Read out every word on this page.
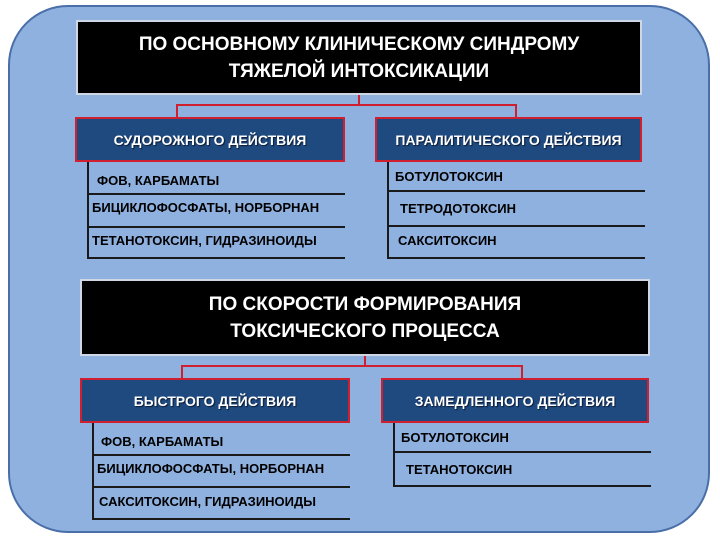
ПО ОСНОВНОМУ КЛИНИЧЕСКОМУ СИНДРОМУ
ТЯЖЕЛОЙ ИНТОКСИКАЦИИ
СУДОРОЖНОГО ДЕЙСТВИЯ	ПАРАЛИТИЧЕСКОГО ДЕЙСТВИЯ
ФОВ, КАРБАМАТЫ
БИЦИКЛОФОСФАТЫ, НОРБОРНАН
ТЕТАНОТОКСИН, ГИДРАЗИНОИДЫ
БОТУЛОТОКСИН
ТЕТРОДОТОКСИН
САКСИТОКСИН
ПО СКОРОСТИ ФОРМИРОВАНИЯ
ТОКСИЧЕСКОГО ПРОЦЕССА
БЫСТРОГО ДЕЙСТВИЯ	ЗАМЕДЛЕННОГО ДЕЙСТВИЯ
ФОВ, КАРБАМАТЫ
БИЦИКЛОФОСФАТЫ, НОРБОРНАН
САКСИТОКСИН, ГИДРАЗИНОИДЫ
БОТУЛОТОКСИН
ТЕТАНОТОКСИН
